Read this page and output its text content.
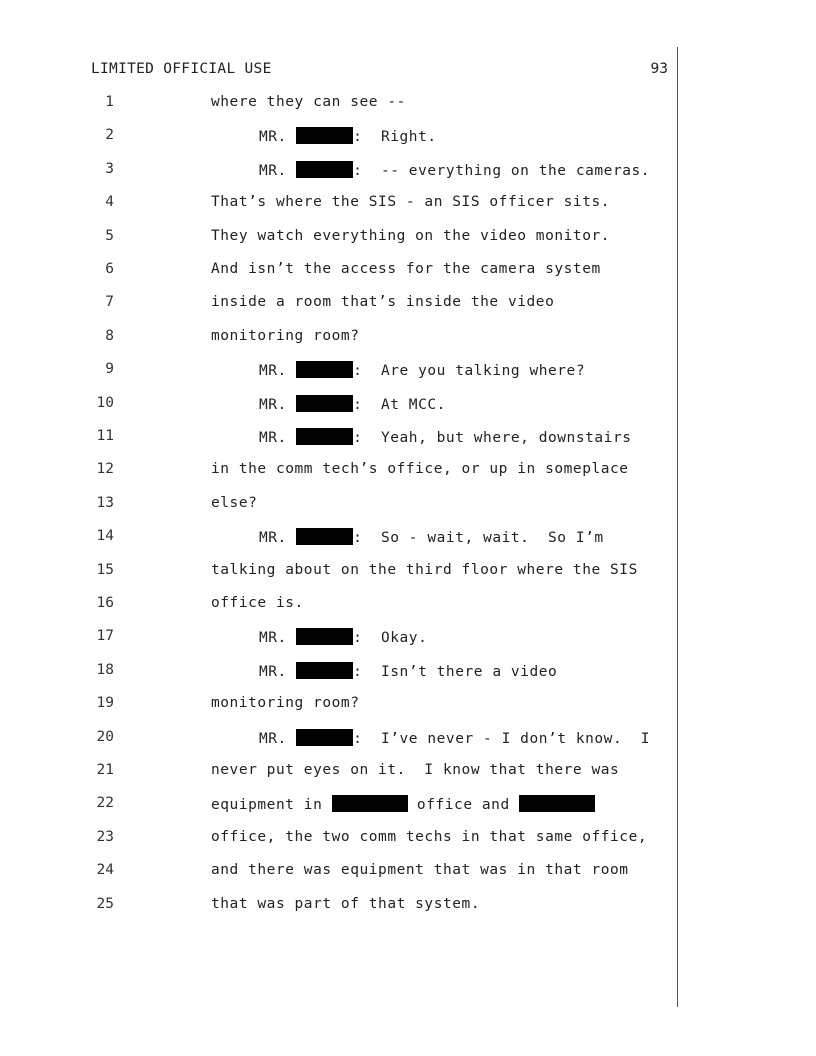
LIMITED OFFICIAL USE	93
1	where they can see --
2	MR.	:  Right.
3	MR.	:  -- everything on the cameras.
4	That’s where the SIS - an SIS officer sits.
5	They watch everything on the video monitor.
6	And isn’t the access for the camera system
7	inside a room that’s inside the video
8	monitoring room?
9	MR.	:  Are you talking where?
10	MR.	:  At MCC.
11	MR.	:  Yeah, but where, downstairs
12	in the comm tech’s office, or up in someplace
13	else?
14	MR.	:  So - wait, wait.  So I’m
15	talking about on the third floor where the SIS
16	office is.
17	MR.	:  Okay.
18	MR.	:  Isn’t there a video
19	monitoring room?
20	MR.	:  I’ve never - I don’t know.  I
21	never put eyes on it.  I know that there was
22	equipment in	office and
23	office, the two comm techs in that same office,
24	and there was equipment that was in that room
25	that was part of that system.
